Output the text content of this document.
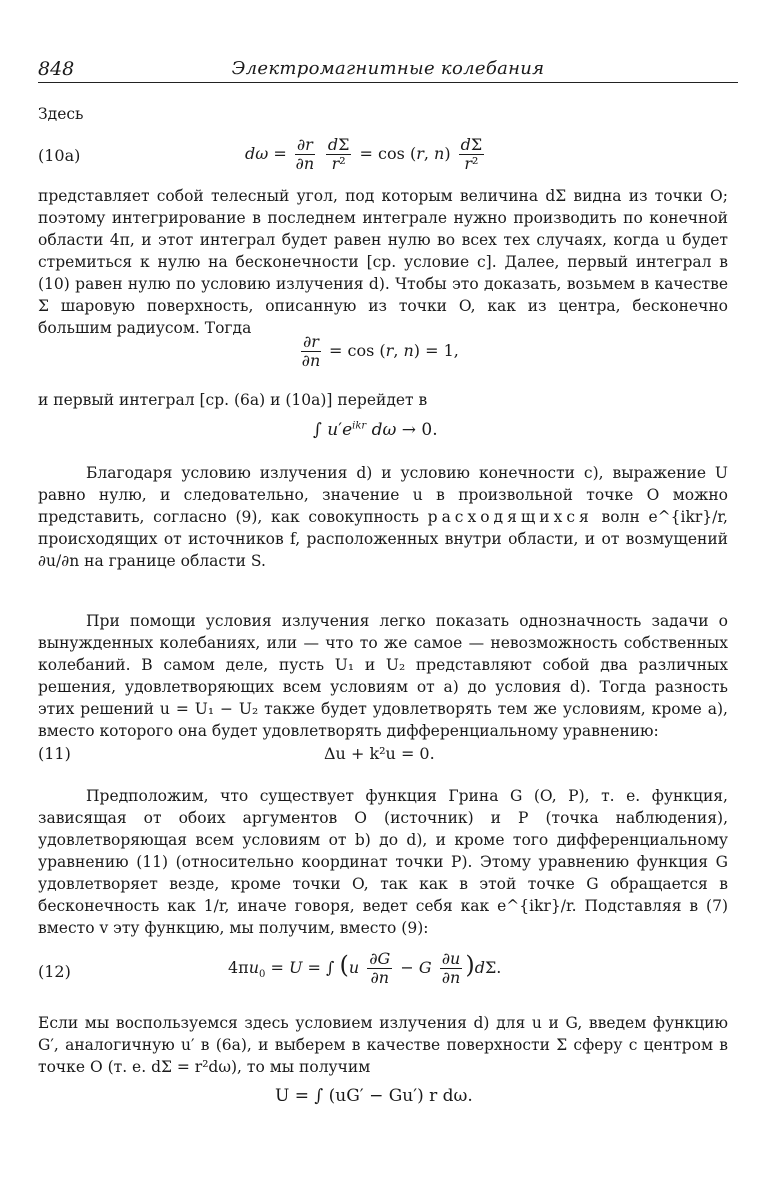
848	Электромагнитные колебания
Здесь
(10а)	$d\omega = \frac{\partial r}{\partial n}$
$\frac{d\Sigma}{\text{r²}} = \cos (r$, $n) \frac{d\Sigma}{\text{r²}}$
представляет собой телесный угол, под которым величина dΣ видна из точки O; поэтому интегрирование в последнем интеграле нужно производить по конечной области 4π, и этот интеграл будет равен нулю во всех тех случаях, когда u будет стремиться к нулю на бесконечности [ср. условие c]. Далее, первый интеграл в (10) равен нулю по условию излучения d). Чтобы это доказать, возьмем в качестве Σ шаровую поверхность, описанную из точки O, как из центра, бесконечно большим радиусом. Тогда
$\frac{\partial r}{\partial n} = \cos (r$, n) = 1,
и первый интеграл [ср. (6а) и (10а)] перейдет в
∫ $u'e^{ikr}$ dω → 0.
Благодаря условию излучения d) и условию конечности c), выражение U равно нулю, и следовательно, значение u в произвольной точке O можно представить, согласно (9), как совокупность расходящихся волн e^{ikr}/r, происходящих от источников f, расположенных внутри области, и от возмущений ∂u/∂n на границе области S.
При помощи условия излучения легко показать однозначность задачи о вынужденных колебаниях, или — что то же самое — невозможность собственных колебаний. В самом деле, пусть U₁ и U₂ представляют собой два различных решения, удовлетворяющих всем условиям от a) до условия d). Тогда разность этих решений u = U₁ − U₂ также будет удовлетворять тем же условиям, кроме a), вместо которого она будет удовлетворять дифференциальному уравнению:
(11)	Δu + k²u = 0.
Предположим, что существует функция Грина G (O, P), т. е. функция, зависящая от обоих аргументов O (источник) и P (точка наблюдения), удовлетворяющая всем условиям от b) до d), и кроме того дифференциальному уравнению (11) (относительно координат точки P). Этому уравнению функция G удовлетворяет везде, кроме точки O, так как в этой точке G обращается в бесконечность как 1/r, иначе говоря, ведет себя как e^{ikr}/r. Подставляя в (7) вместо v эту функцию, мы получим, вместо (9):
(12)	$4\pi u_0 = U$ = ∫ $(u \frac{\partial G}{\partial n} - G \frac{\partial u}{\partial n} )d\Sigma$.
Если мы воспользуемся здесь условием излучения d) для u и G, введем функцию G′, аналогичную u′ в (6а), и выберем в качестве поверхности Σ сферу с центром в точке O (т. е. dΣ = r²dω), то мы получим
U = ∫ (uG′ − Gu′) r dω.
